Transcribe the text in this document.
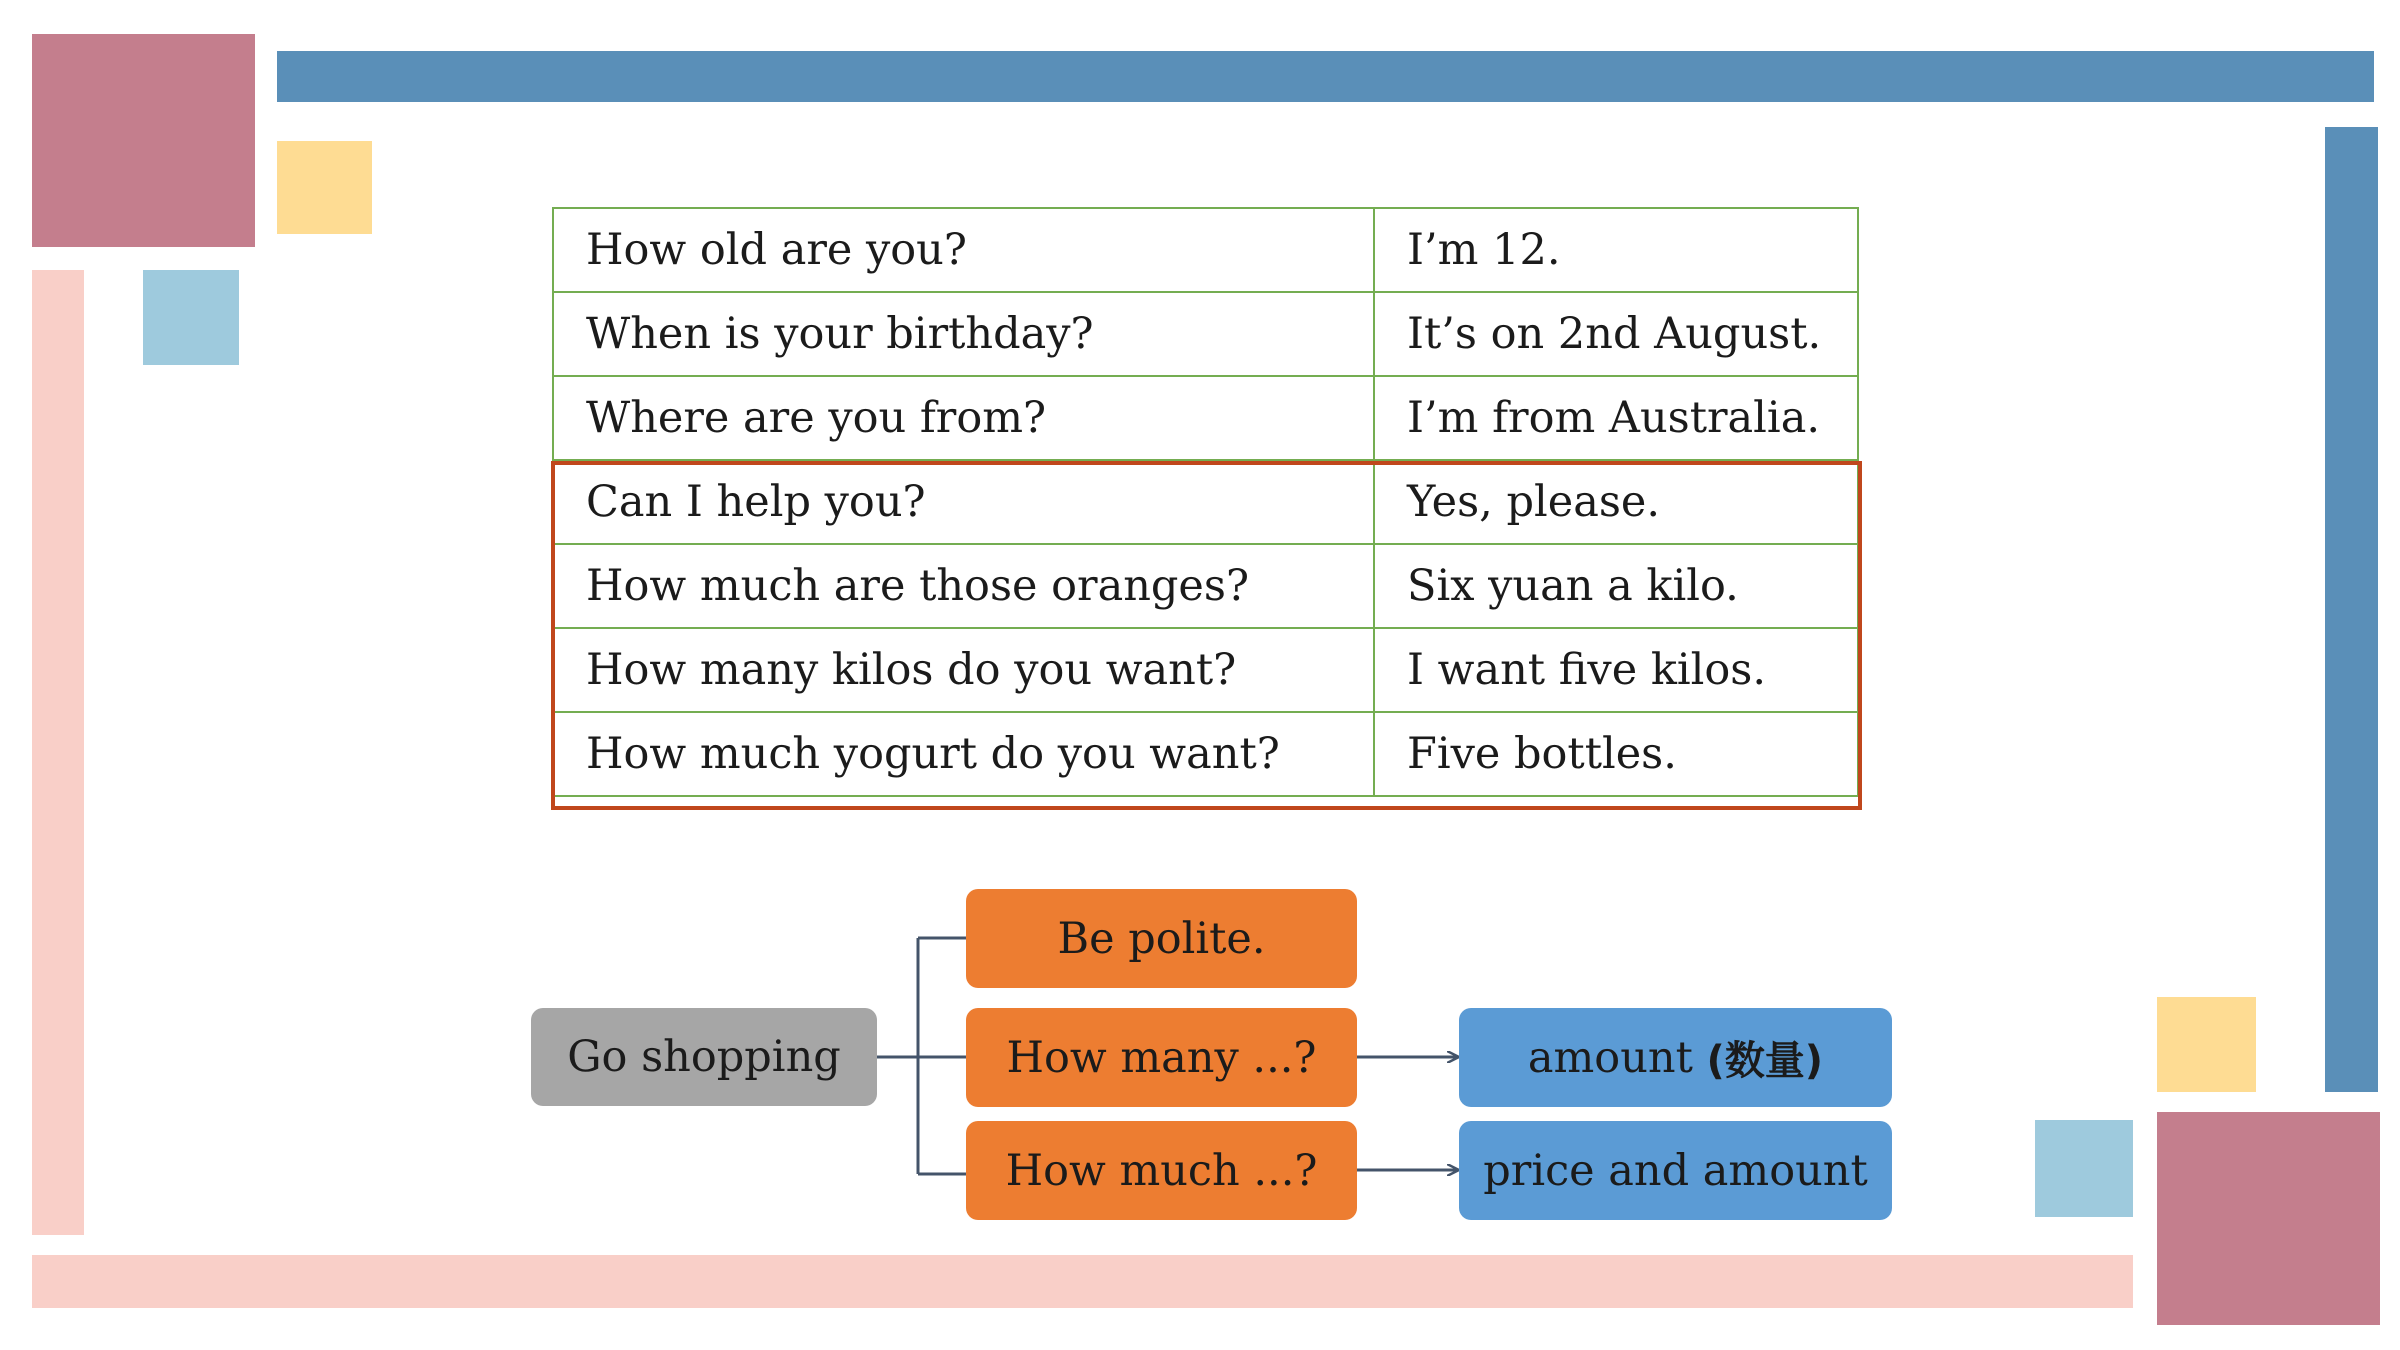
How old are you?	I’m 12.
When is your birthday?	It’s on 2nd August.
Where are you from?	I’m from Australia.
Can I help you?	Yes, please.
How much are those oranges?	Six yuan a kilo.
How many kilos do you want?	I want five kilos.
How much yogurt do you want?	Five bottles.
Go shopping
Be polite.
How many ...?
How much ...?
amount
(数量)
price and amount
